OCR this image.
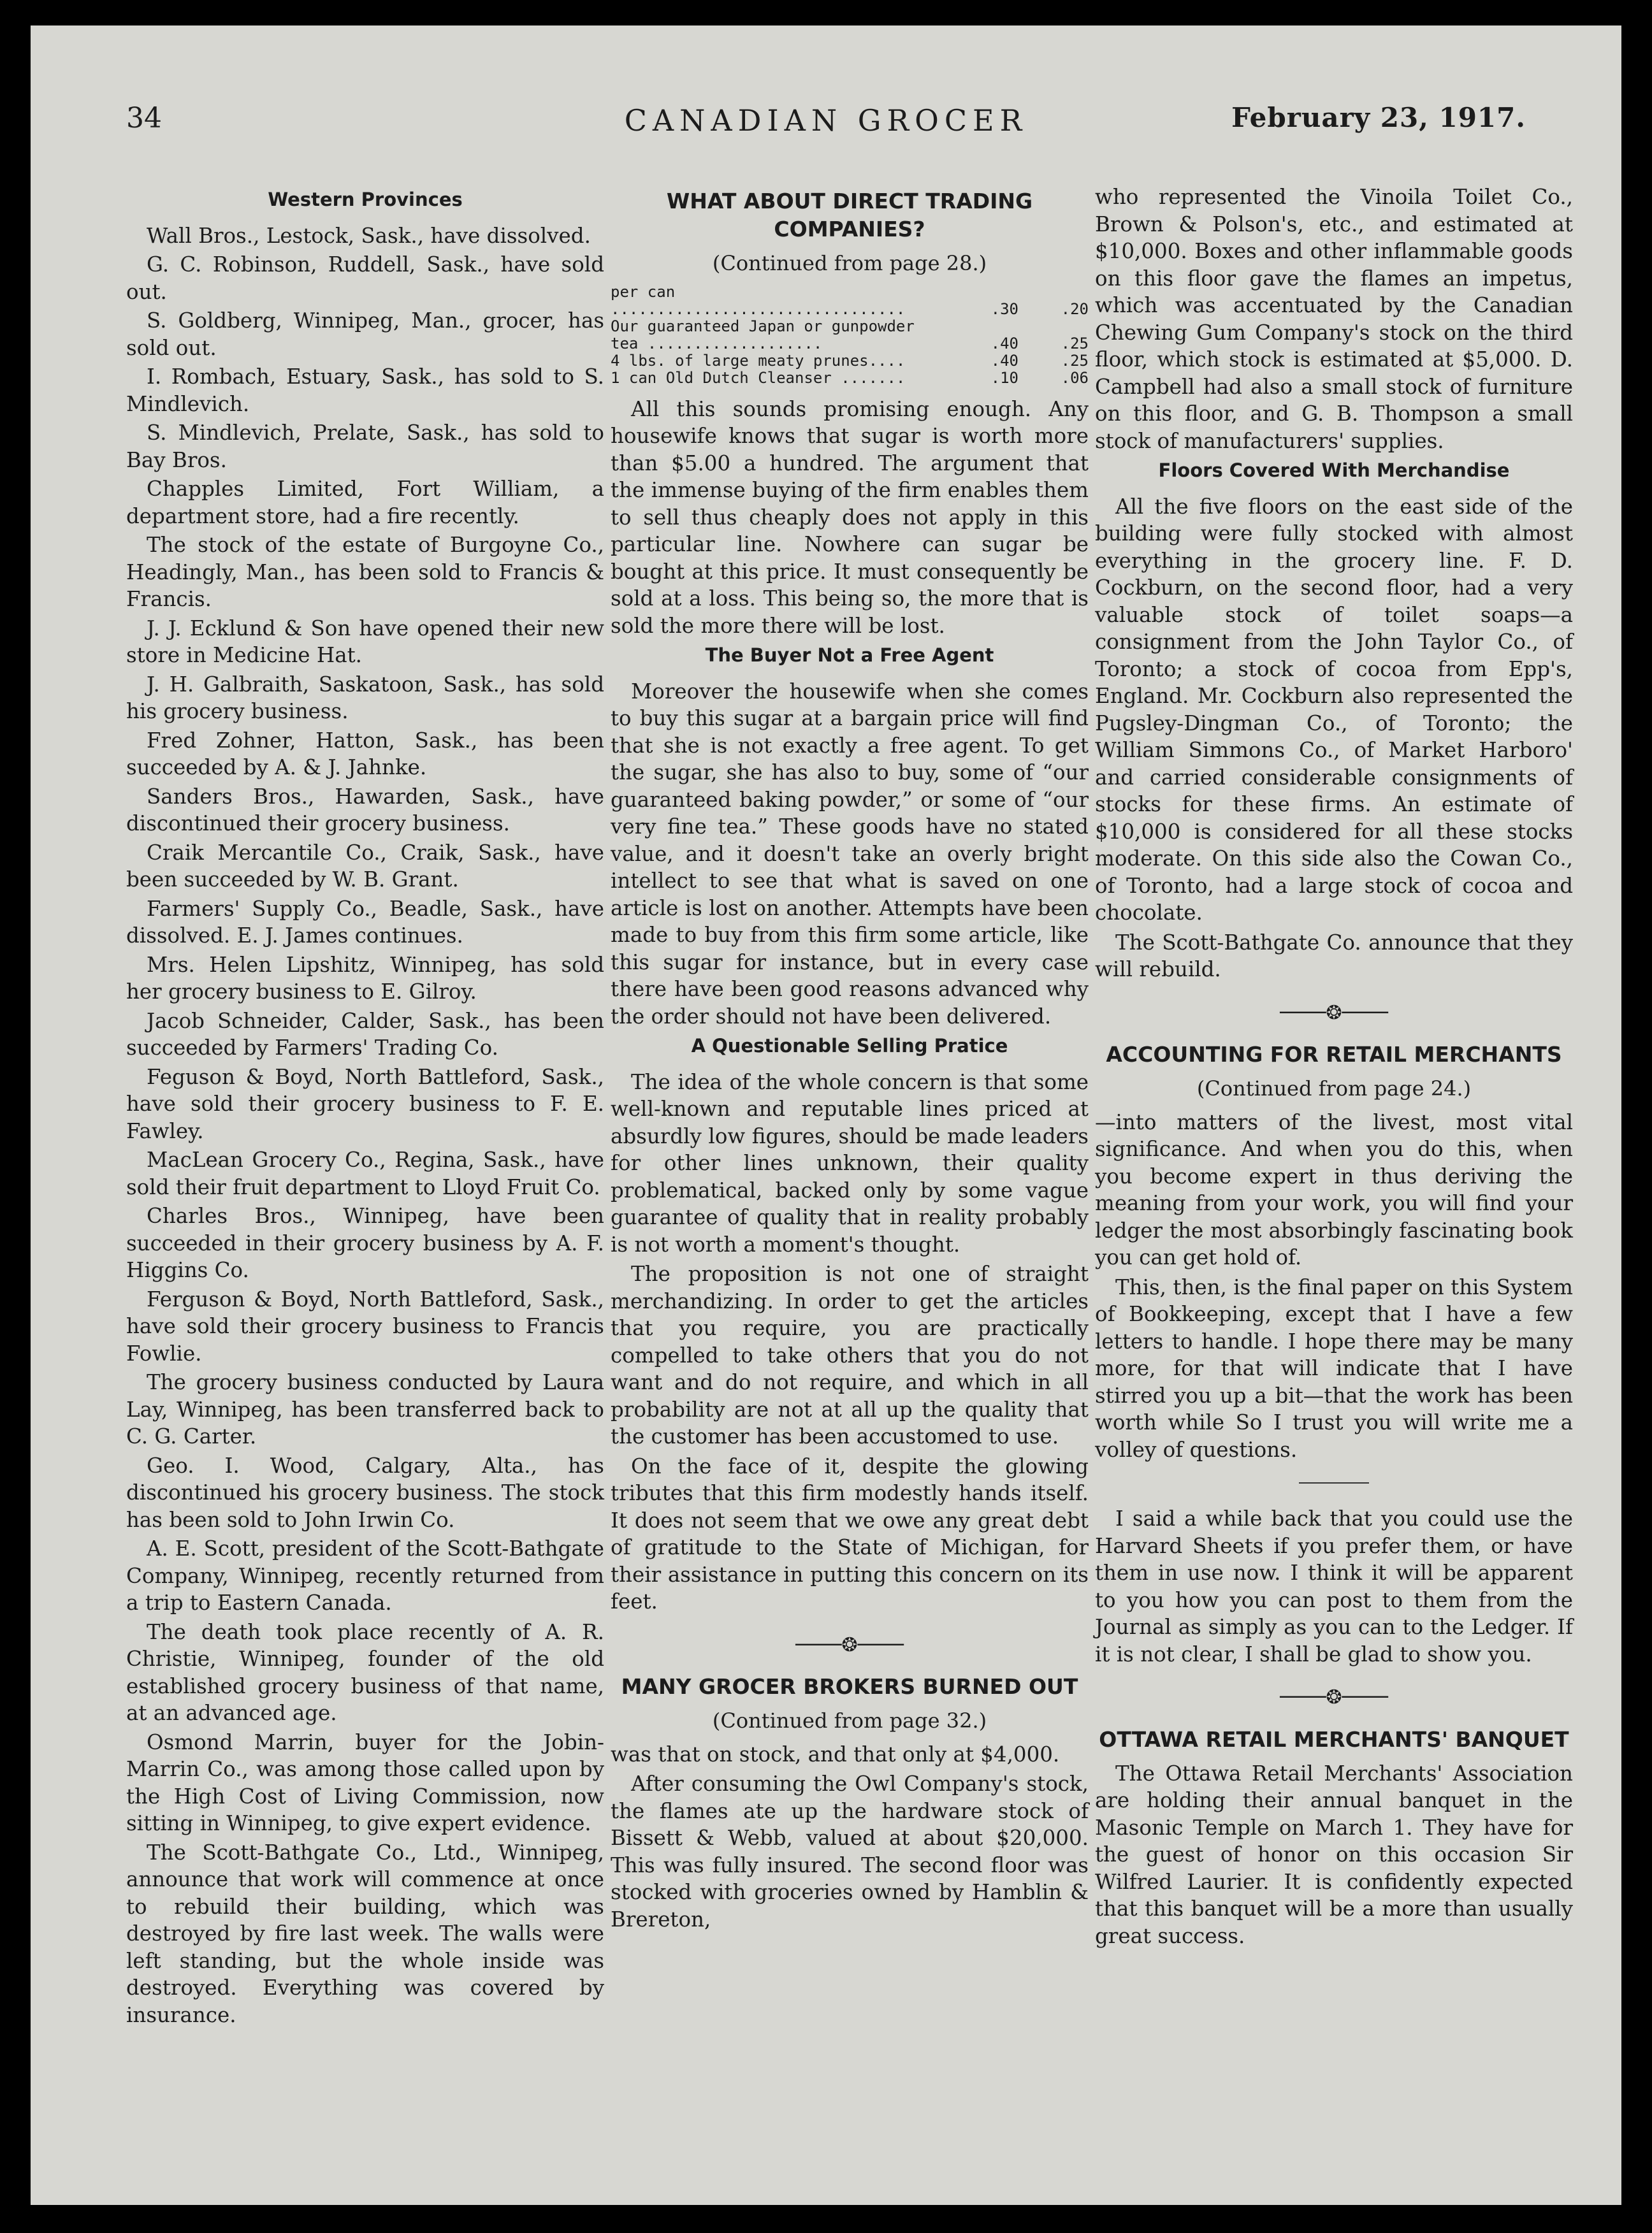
34	CANADIAN GROCER	February 23, 1917.
Western Provinces

Wall Bros., Lestock, Sask., have dissolved.

G. C. Robinson, Ruddell, Sask., have sold out.

S. Goldberg, Winnipeg, Man., grocer, has sold out.

I. Rombach, Estuary, Sask., has sold to S. Mindlevich.

S. Mindlevich, Prelate, Sask., has sold to Bay Bros.

Chapples Limited, Fort William, a department store, had a fire recently.

The stock of the estate of Burgoyne Co., Headingly, Man., has been sold to Francis & Francis.

J. J. Ecklund & Son have opened their new store in Medicine Hat.

J. H. Galbraith, Saskatoon, Sask., has sold his grocery business.

Fred Zohner, Hatton, Sask., has been succeeded by A. & J. Jahnke.

Sanders Bros., Hawarden, Sask., have discontinued their grocery business.

Craik Mercantile Co., Craik, Sask., have been succeeded by W. B. Grant.

Farmers' Supply Co., Beadle, Sask., have dissolved. E. J. James continues.

Mrs. Helen Lipshitz, Winnipeg, has sold her grocery business to E. Gilroy.

Jacob Schneider, Calder, Sask., has been succeeded by Farmers' Trading Co.

Feguson & Boyd, North Battleford, Sask., have sold their grocery business to F. E. Fawley.

MacLean Grocery Co., Regina, Sask., have sold their fruit department to Lloyd Fruit Co.

Charles Bros., Winnipeg, have been succeeded in their grocery business by A. F. Higgins Co.

Ferguson & Boyd, North Battleford, Sask., have sold their grocery business to Francis Fowlie.

The grocery business conducted by Laura Lay, Winnipeg, has been transferred back to C. G. Carter.

Geo. I. Wood, Calgary, Alta., has discontinued his grocery business. The stock has been sold to John Irwin Co.

A. E. Scott, president of the Scott-Bathgate Company, Winnipeg, recently returned from a trip to Eastern Canada.

The death took place recently of A. R. Christie, Winnipeg, founder of the old established grocery business of that name, at an advanced age.

Osmond Marrin, buyer for the Jobin-Marrin Co., was among those called upon by the High Cost of Living Commission, now sitting in Winnipeg, to give expert evidence.

The Scott-Bathgate Co., Ltd., Winnipeg, announce that work will commence at once to rebuild their building, which was destroyed by fire last week. The walls were left standing, but the whole inside was destroyed. Everything was covered by insurance.

WHAT ABOUT DIRECT TRADING COMPANIES?
(Continued from page 28.)
per can ................................	.30	.20
Our guaranteed Japan or gunpowder tea ...................	.40	.25
4 lbs. of large meaty prunes....	.40	.25
1 can Old Dutch Cleanser .......	.10	.06

All this sounds promising enough. Any housewife knows that sugar is worth more than $5.00 a hundred. The argument that the immense buying of the firm enables them to sell thus cheaply does not apply in this particular line. Nowhere can sugar be bought at this price. It must consequently be sold at a loss. This being so, the more that is sold the more there will be lost.

The Buyer Not a Free Agent

Moreover the housewife when she comes to buy this sugar at a bargain price will find that she is not exactly a free agent. To get the sugar, she has also to buy, some of “our guaranteed baking powder,” or some of “our very fine tea.” These goods have no stated value, and it doesn't take an overly bright intellect to see that what is saved on one article is lost on another. Attempts have been made to buy from this firm some article, like this sugar for instance, but in every case there have been good reasons advanced why the order should not have been delivered.

A Questionable Selling Pratice

The idea of the whole concern is that some well-known and reputable lines priced at absurdly low figures, should be made leaders for other lines unknown, their quality problematical, backed only by some vague guarantee of quality that in reality probably is not worth a moment's thought.

The proposition is not one of straight merchandizing. In order to get the articles that you require, you are practically compelled to take others that you do not want and do not require, and which in all probability are not at all up the quality that the customer has been accustomed to use.

On the face of it, despite the glowing tributes that this firm modestly hands itself. It does not seem that we owe any great debt of gratitude to the State of Michigan, for their assistance in putting this concern on its feet.

────❂────
MANY GROCER BROKERS BURNED OUT
(Continued from page 32.)

was that on stock, and that only at $4,000.

After consuming the Owl Company's stock, the flames ate up the hardware stock of Bissett & Webb, valued at about $20,000. This was fully insured. The second floor was stocked with groceries owned by Hamblin & Brereton,

who represented the Vinoila Toilet Co., Brown & Polson's, etc., and estimated at $10,000. Boxes and other inflammable goods on this floor gave the flames an impetus, which was accentuated by the Canadian Chewing Gum Company's stock on the third floor, which stock is estimated at $5,000. D. Campbell had also a small stock of furniture on this floor, and G. B. Thompson a small stock of manufacturers' supplies.

Floors Covered With Merchandise

All the five floors on the east side of the building were fully stocked with almost everything in the grocery line. F. D. Cockburn, on the second floor, had a very valuable stock of toilet soaps—a consignment from the John Taylor Co., of Toronto; a stock of cocoa from Epp's, England. Mr. Cockburn also represented the Pugsley-Dingman Co., of Toronto; the William Simmons Co., of Market Harboro' and carried considerable consignments of stocks for these firms. An estimate of $10,000 is considered for all these stocks moderate. On this side also the Cowan Co., of Toronto, had a large stock of cocoa and chocolate.

The Scott-Bathgate Co. announce that they will rebuild.

────❂────
ACCOUNTING FOR RETAIL MERCHANTS
(Continued from page 24.)

—into matters of the livest, most vital significance. And when you do this, when you become expert in thus deriving the meaning from your work, you will find your ledger the most absorbingly fascinating book you can get hold of.

This, then, is the final paper on this System of Bookkeeping, except that I have a few letters to handle. I hope there may be many more, for that will indicate that I have stirred you up a bit—that the work has been worth while So I trust you will write me a volley of questions.

I said a while back that you could use the Harvard Sheets if you prefer them, or have them in use now. I think it will be apparent to you how you can post to them from the Journal as simply as you can to the Ledger. If it is not clear, I shall be glad to show you.

────❂────
OTTAWA RETAIL MERCHANTS' BANQUET

The Ottawa Retail Merchants' Association are holding their annual banquet in the Masonic Temple on March 1. They have for the guest of honor on this occasion Sir Wilfred Laurier. It is confidently expected that this banquet will be a more than usually great success.
